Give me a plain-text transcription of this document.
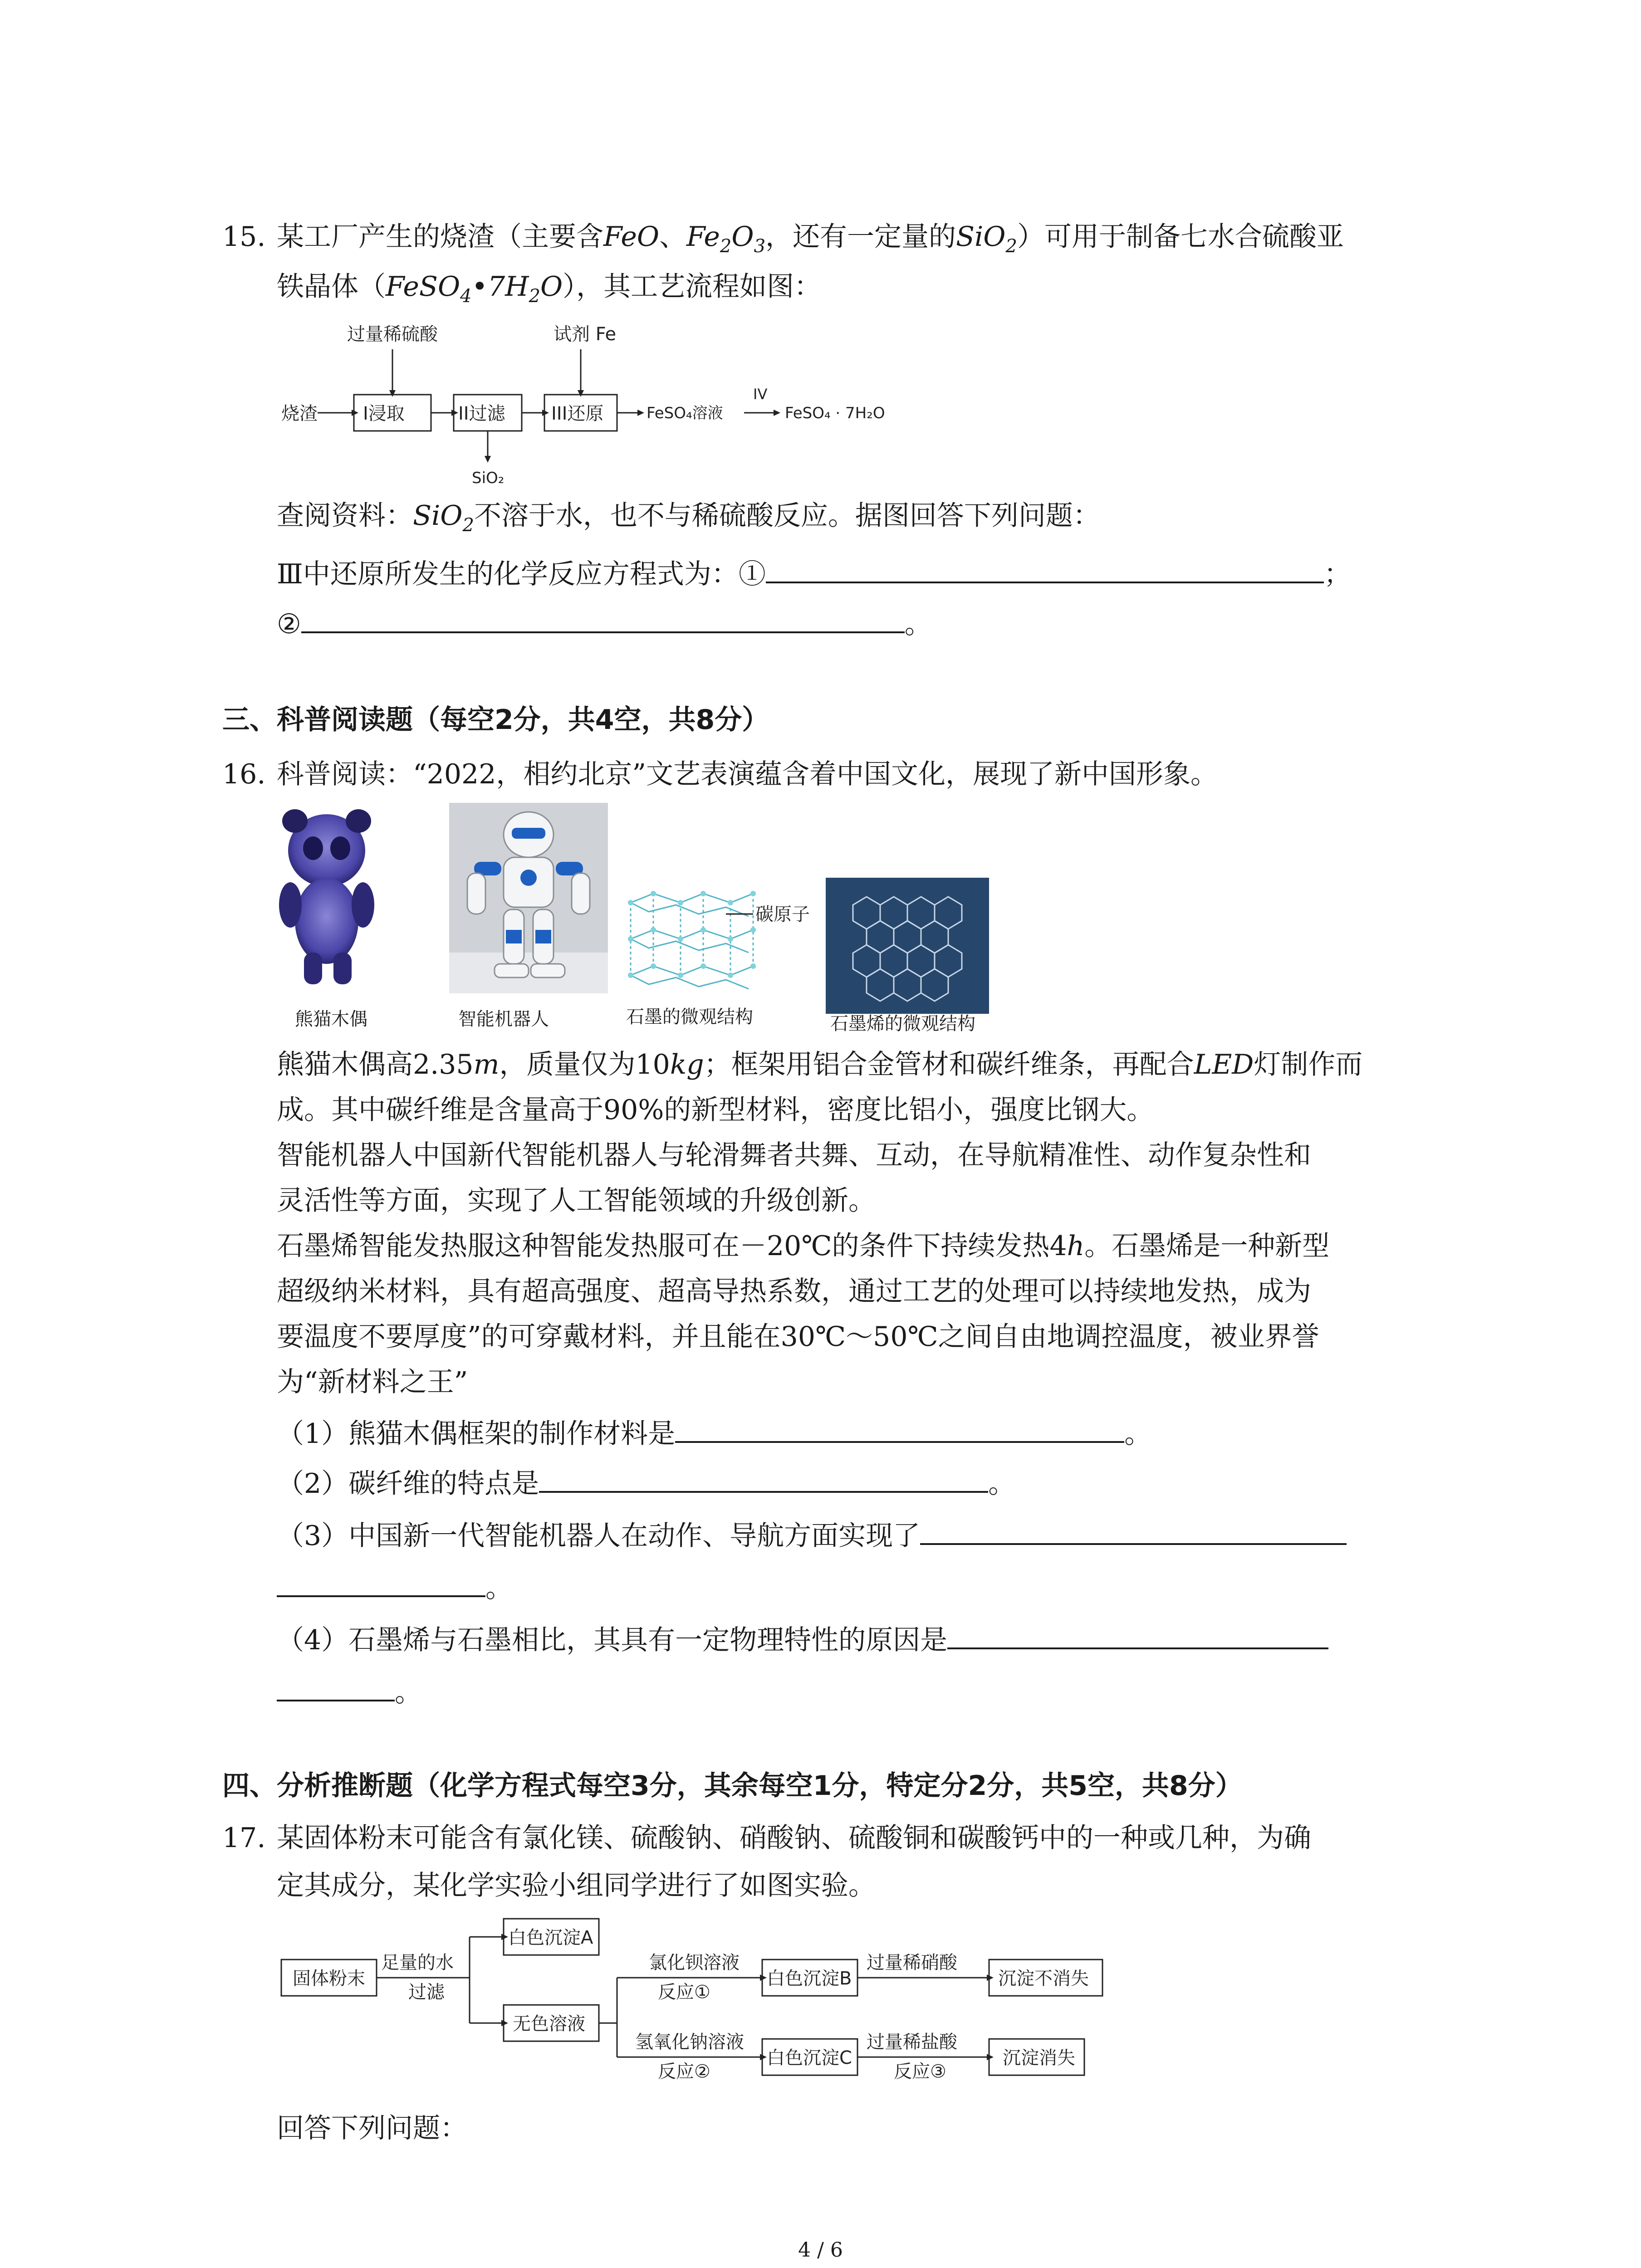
15. 某工厂产生的烧渣（主要含FeO、$Fe_2O_3$，还有一定量的SiO$_2$）可用于制备七水合硫酸亚
铁晶体$(FeSO_4•7H_2O)$，其工艺流程如图：
烧渣
过量稀硫酸
I浸取	II过滤
SiO₂
试剂 Fe
III还原	FeSO₄溶液
IV
FeSO₄ · 7H₂O
查阅资料：SiO$_2$不溶于水，也不与稀硫酸反应。据图回答下列问题：
Ⅲ中还原所发生的化学反应方程式为：①	；
②	。
三、科普阅读题（每空2分，共4空，共8分）
16. 科普阅读：“2022，相约北京”文艺表演蕴含着中国文化，展现了新中国形象。
熊猫木偶	智能机器人
碳原子
石墨的微观结构	石墨烯的微观结构
熊猫木偶高2.35m，质量仅为10kg；框架用铝合金管材和碳纤维条，再配合LED灯制作而
成。其中碳纤维是含量高于90%的新型材料，密度比铝小，强度比钢大。
智能机器人中国新代智能机器人与轮滑舞者共舞、互动，在导航精准性、动作复杂性和
灵活性等方面，实现了人工智能领域的升级创新。
石墨烯智能发热服这种智能发热服可在－20℃的条件下持续发热4h。石墨烯是一种新型
超级纳米材料，具有超高强度、超高导热系数，通过工艺的处理可以持续地发热，成为
要温度不要厚度”的可穿戴材料，并且能在30℃～50℃之间自由地调控温度，被业界誉
为“新材料之王”
（1）熊猫木偶框架的制作材料是	。
（2）碳纤维的特点是	。
（3）中国新一代智能机器人在动作、导航方面实现了
。
（4）石墨烯与石墨相比，其具有一定物理特性的原因是
。
四、分析推断题（化学方程式每空3分，其余每空1分，特定分2分，共5空，共8分）
17. 某固体粉末可能含有氯化镁、硫酸钠、硝酸钠、硫酸铜和碳酸钙中的一种或几种，为确
定其成分，某化学实验小组同学进行了如图实验。
固体粉末
足量的水
过滤
白色沉淀A
无色溶液
氯化钡溶液
反应①
白色沉淀B
过量稀硝酸
沉淀不消失
氢氧化钠溶液
反应②
白色沉淀C
过量稀盐酸
反应③
沉淀消失
回答下列问题：
4 / 6
